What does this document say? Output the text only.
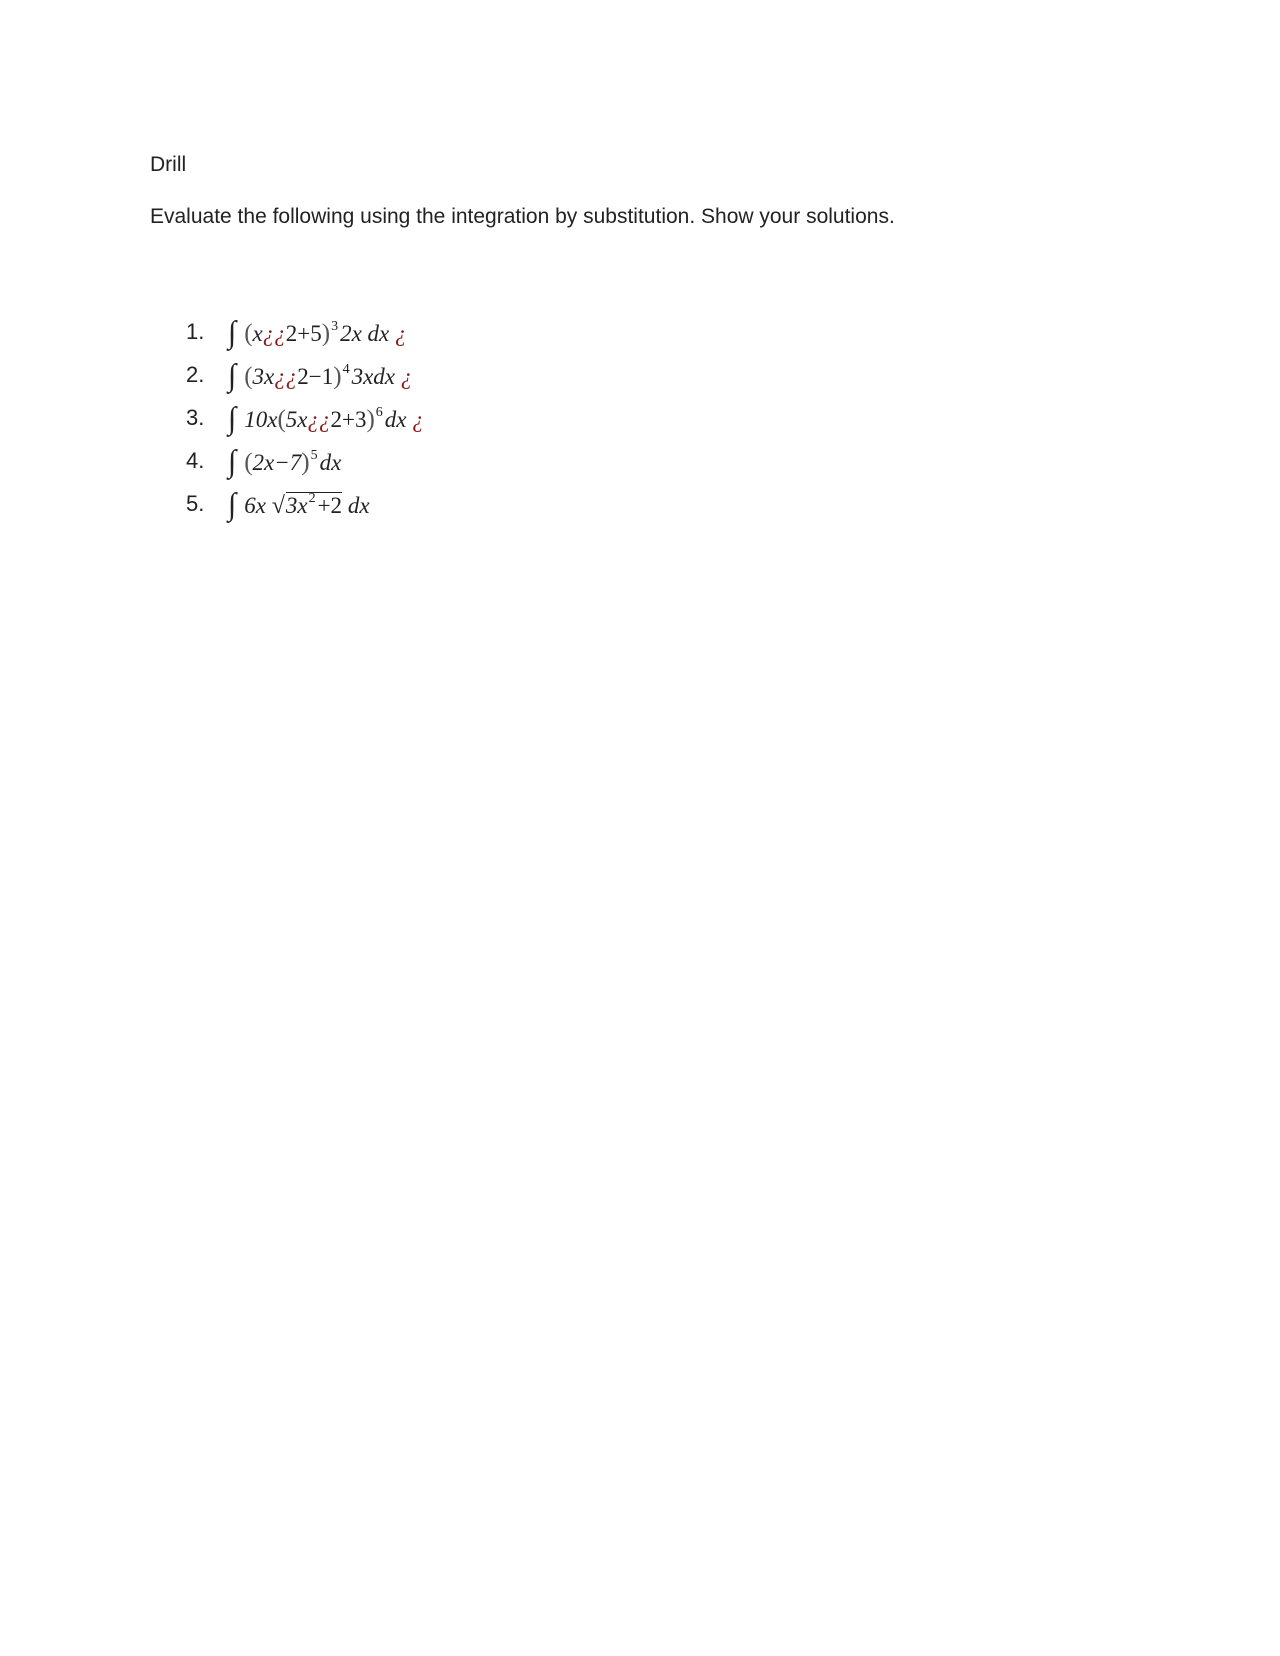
Drill
Evaluate the following using the integration by substitution. Show your solutions.
1. ∫ (x¿¿2+5)$^3$2x dx ¿
2. ∫ (3x¿¿2−1)$^4$3xdx ¿
3. ∫ 10x(5x¿¿2+3)$^6$dx ¿
4. ∫ $(2x-7)^5dx$
5. ∫ 6x $√3x^2+2$ dx
